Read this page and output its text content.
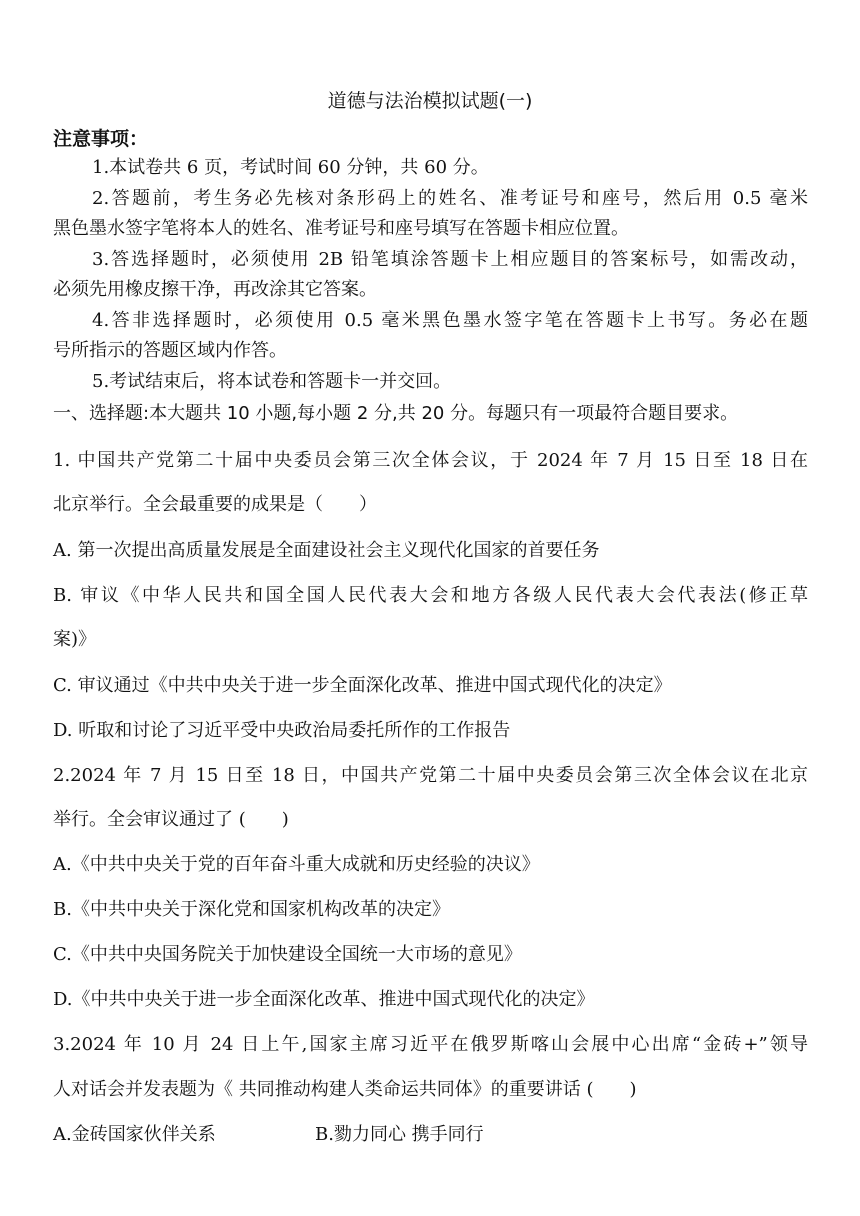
道德与法治模拟试题(一)
注意事项：
1.本试卷共 6 页，考试时间 60 分钟，共 60 分。
2.答题前，考生务必先核对条形码上的姓名、准考证号和座号，然后用 0.5 毫米
黑色墨水签字笔将本人的姓名、准考证号和座号填写在答题卡相应位置。
3.答选择题时，必须使用 2B 铅笔填涂答题卡上相应题目的答案标号，如需改动，
必须先用橡皮擦干净，再改涂其它答案。
4.答非选择题时，必须使用 0.5 毫米黑色墨水签字笔在答题卡上书写。务必在题
号所指示的答题区域内作答。
5.考试结束后，将本试卷和答题卡一并交回。
一、选择题:本大题共 10 小题,每小题 2 分,共 20 分。每题只有一项最符合题目要求。
1. 中国共产党第二十届中央委员会第三次全体会议，于 2024 年 7 月 15 日至 18 日在
北京举行。全会最重要的成果是（　　）
A. 第一次提出高质量发展是全面建设社会主义现代化国家的首要任务
B. 审议《中华人民共和国全国人民代表大会和地方各级人民代表大会代表法(修正草
案)》
C. 审议通过《中共中央关于进一步全面深化改革、推进中国式现代化的决定》
D. 听取和讨论了习近平受中央政治局委托所作的工作报告
2.2024 年 7 月 15 日至 18 日，中国共产党第二十届中央委员会第三次全体会议在北京
举行。全会审议通过了 (　　)
A.《中共中央关于党的百年奋斗重大成就和历史经验的决议》
B.《中共中央关于深化党和国家机构改革的决定》
C.《中共中央国务院关于加快建设全国统一大市场的意见》
D.《中共中央关于进一步全面深化改革、推进中国式现代化的决定》
3.2024 年 10 月 24 日上午,国家主席习近平在俄罗斯喀山会展中心出席“金砖+”领导
人对话会并发表题为《 共同推动构建人类命运共同体》的重要讲话 (　　)
A.金砖国家伙伴关系	B.勠力同心 携手同行
